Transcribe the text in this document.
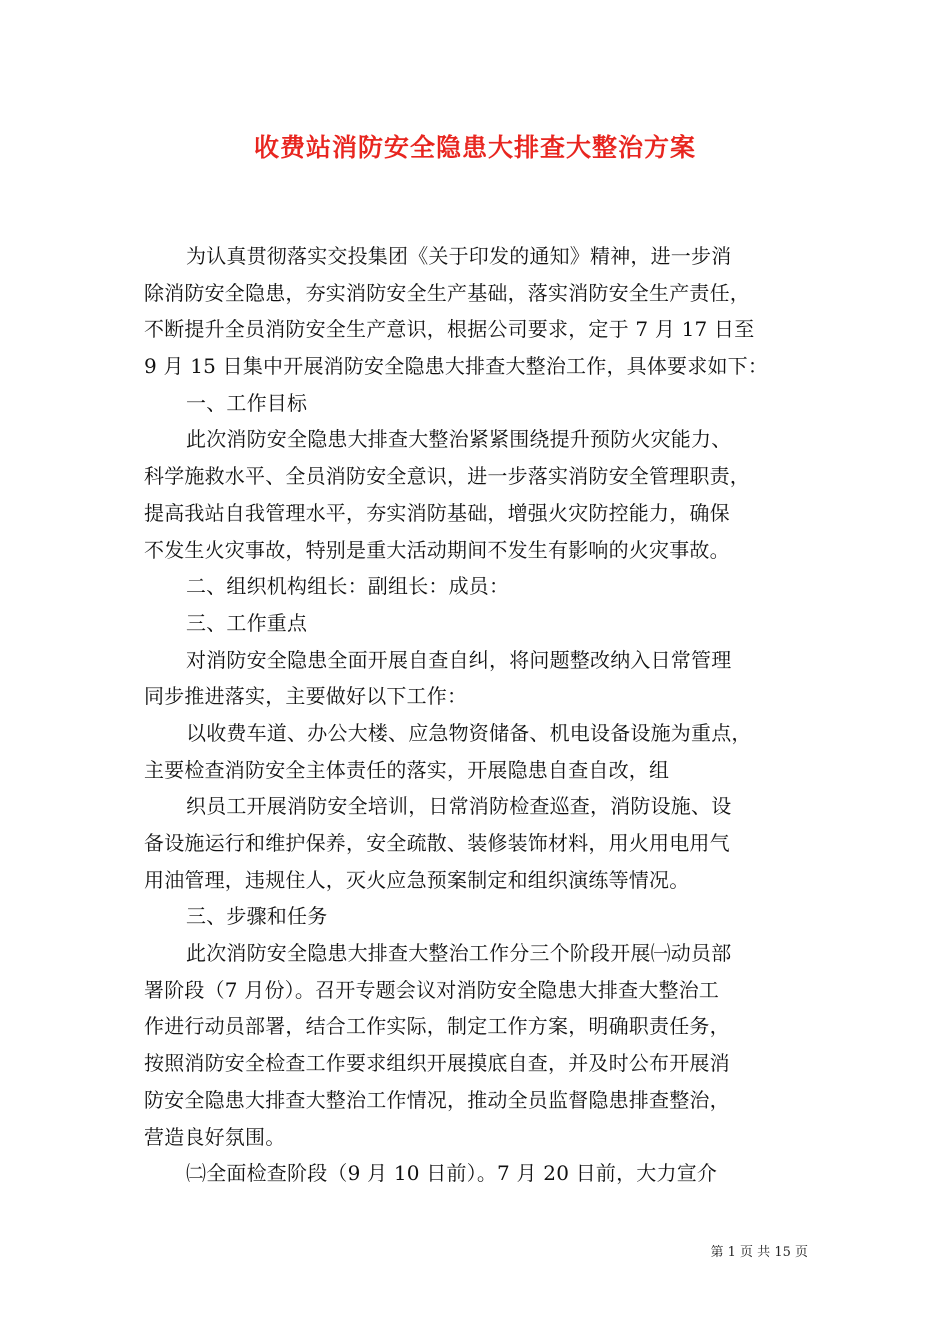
收费站消防安全隐患大排查大整治方案
为认真贯彻落实交投集团《关于印发的通知》精神，进一步消
除消防安全隐患，夯实消防安全生产基础，落实消防安全生产责任，
不断提升全员消防安全生产意识，根据公司要求，定于 7 月 17 日至
9 月 15 日集中开展消防安全隐患大排查大整治工作，具体要求如下：
一、工作目标
此次消防安全隐患大排查大整治紧紧围绕提升预防火灾能力、
科学施救水平、全员消防安全意识，进一步落实消防安全管理职责，
提高我站自我管理水平，夯实消防基础，增强火灾防控能力，确保
不发生火灾事故，特别是重大活动期间不发生有影响的火灾事故。
二、组织机构组长：副组长：成员：
三、工作重点
对消防安全隐患全面开展自查自纠，将问题整改纳入日常管理
同步推进落实，主要做好以下工作：
以收费车道、办公大楼、应急物资储备、机电设备设施为重点，
主要检查消防安全主体责任的落实，开展隐患自查自改，组
织员工开展消防安全培训，日常消防检查巡查，消防设施、设
备设施运行和维护保养，安全疏散、装修装饰材料，用火用电用气
用油管理，违规住人，灭火应急预案制定和组织演练等情况。
三、步骤和任务
此次消防安全隐患大排查大整治工作分三个阶段开展㈠动员部
署阶段（7 月份）。召开专题会议对消防安全隐患大排查大整治工
作进行动员部署，结合工作实际，制定工作方案，明确职责任务，
按照消防安全检查工作要求组织开展摸底自查，并及时公布开展消
防安全隐患大排查大整治工作情况，推动全员监督隐患排查整治，
营造良好氛围。
㈡全面检查阶段（9 月 10 日前）。7 月 20 日前，大力宣介
第 1 页 共 15 页
